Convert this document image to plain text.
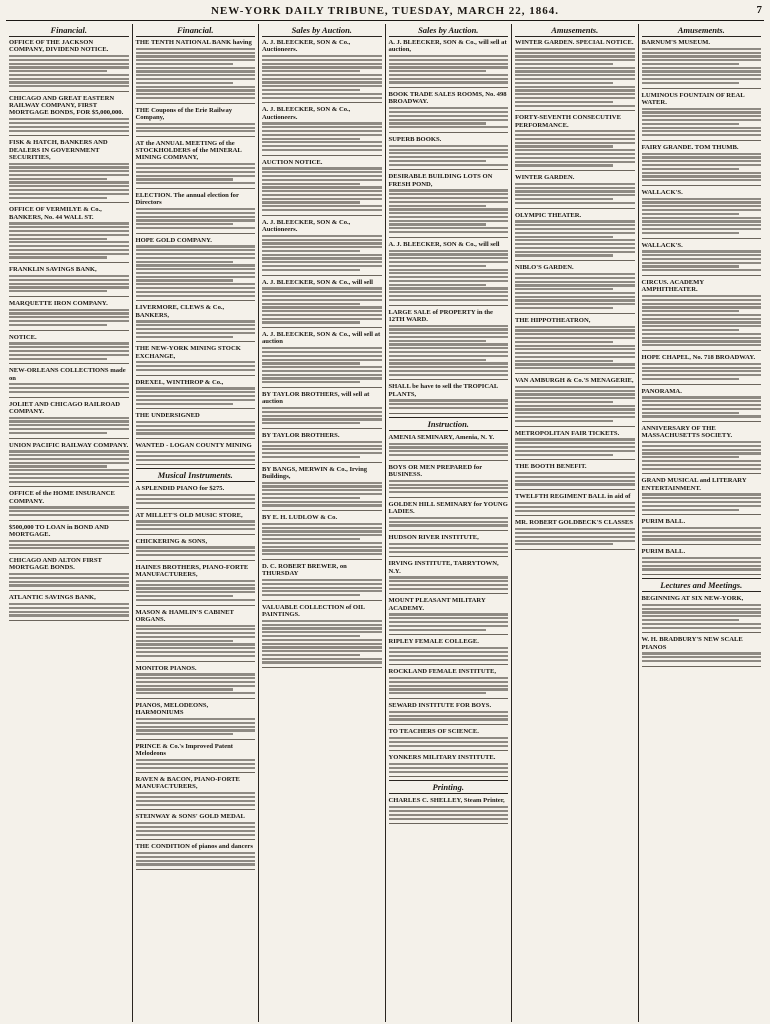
NEW-YORK DAILY TRIBUNE, TUESDAY, MARCH 22, 1864.	7
Financial.
OFFICE OF THE JACKSON COMPANY, DIVIDEND NOTICE.
CHICAGO AND GREAT EASTERN RAILWAY COMPANY, FIRST MORTGAGE BONDS, FOR $5,000,000.
FISK & HATCH, BANKERS AND DEALERS IN GOVERNMENT SECURITIES,
OFFICE OF VERMILYE & Co., BANKERS, No. 44 WALL ST.
FRANKLIN SAVINGS BANK,
MARQUETTE IRON COMPANY.
NOTICE.
NEW-ORLEANS COLLECTIONS made on
JOLIET AND CHICAGO RAILROAD COMPANY.
UNION PACIFIC RAILWAY COMPANY.
OFFICE of the HOME INSURANCE COMPANY.
$500,000 TO LOAN in BOND AND MORTGAGE.
CHICAGO AND ALTON FIRST MORTGAGE BONDS.
ATLANTIC SAVINGS BANK,
Financial.
THE TENTH NATIONAL BANK having
THE Coupons of the Erie Railway Company,
AT the ANNUAL MEETING of the STOCKHOLDERS of the MINERAL MINING COMPANY,
ELECTION. The annual election for Directors
HOPE GOLD COMPANY.
LIVERMORE, CLEWS & Co., BANKERS,
THE NEW-YORK MINING STOCK EXCHANGE,
DREXEL, WINTHROP & Co.,
THE UNDERSIGNED
WANTED - LOGAN COUNTY MINING
Musical Instruments.
A SPLENDID PIANO for $275.
AT MILLET'S OLD MUSIC STORE,
CHICKERING & SONS,
HAINES BROTHERS, PIANO-FORTE MANUFACTURERS,
MASON & HAMLIN'S CABINET ORGANS.
MONITOR PIANOS.
PIANOS, MELODEONS, HARMONIUMS
PRINCE & Co.'s Improved Patent Melodeons
RAVEN & BACON, PIANO-FORTE MANUFACTURERS,
STEINWAY & SONS' GOLD MEDAL
THE CONDITION of pianos and dancers
Sales by Auction.
A. J. BLEECKER, SON & Co., Auctioneers.
A. J. BLEECKER, SON & Co., Auctioneers.
AUCTION NOTICE.
A. J. BLEECKER, SON & Co., Auctioneers.
A. J. BLEECKER, SON & Co., will sell
A. J. BLEECKER, SON & Co., will sell at auction
BY TAYLOR BROTHERS, will sell at auction
BY TAYLOR BROTHERS.
BY BANGS, MERWIN & Co., Irving Buildings,
BY E. H. LUDLOW & Co.
D. C. ROBERT BREWER, on THURSDAY
VALUABLE COLLECTION of OIL PAINTINGS.
Sales by Auction.
A. J. BLEECKER, SON & Co., will sell at auction,
BOOK TRADE SALES ROOMS, No. 498 BROADWAY.
SUPERB BOOKS.
DESIRABLE BUILDING LOTS ON FRESH POND,
A. J. BLEECKER, SON & Co., will sell
LARGE SALE of PROPERTY in the 12TH WARD.
SHALL be have to sell the TROPICAL PLANTS,
Instruction.
AMENIA SEMINARY, Amenia, N. Y.
BOYS OR MEN PREPARED for BUSINESS.
GOLDEN HILL SEMINARY for YOUNG LADIES.
HUDSON RIVER INSTITUTE,
IRVING INSTITUTE, TARRYTOWN, N.Y.
MOUNT PLEASANT MILITARY ACADEMY.
RIPLEY FEMALE COLLEGE.
ROCKLAND FEMALE INSTITUTE,
SEWARD INSTITUTE FOR BOYS.
TO TEACHERS OF SCIENCE.
YONKERS MILITARY INSTITUTE.
Printing.
CHARLES C. SHELLEY, Steam Printer,
Amusements.
WINTER GARDEN. SPECIAL NOTICE.
FORTY-SEVENTH CONSECUTIVE PERFORMANCE.
WINTER GARDEN.
OLYMPIC THEATER.
NIBLO'S GARDEN.
THE HIPPOTHEATRON,
VAN AMBURGH & Co.'S MENAGERIE,
METROPOLITAN FAIR TICKETS.
THE BOOTH BENEFIT.
TWELFTH REGIMENT BALL in aid of
MR. ROBERT GOLDBECK'S CLASSES
Amusements.
BARNUM'S MUSEUM.
LUMINOUS FOUNTAIN OF REAL WATER.
FAIRY GRANDE. TOM THUMB.
WALLACK'S.
WALLACK'S.
CIRCUS. ACADEMY AMPHITHEATER.
HOPE CHAPEL, No. 718 BROADWAY.
PANORAMA.
ANNIVERSARY OF THE MASSACHUSETTS SOCIETY.
GRAND MUSICAL and LITERARY ENTERTAINMENT.
PURIM BALL.
PURIM BALL.
Lectures and Meetings.
BEGINNING AT SIX NEW-YORK,
W. H. BRADBURY'S NEW SCALE PIANOS
